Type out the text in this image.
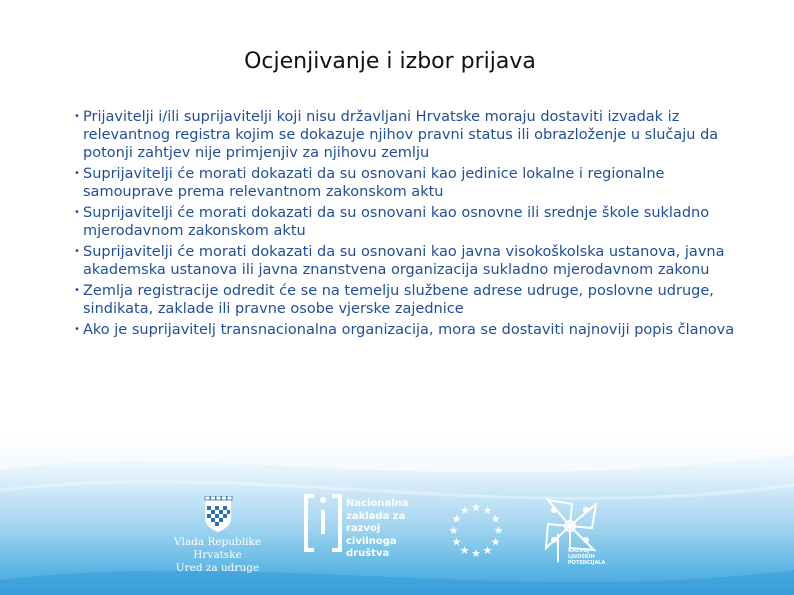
Ocjenjivanje i izbor prijava
• Prijavitelji i/ili suprijavitelji koji nisu državljani Hrvatske moraju dostaviti izvadak iz relevantnog registra kojim se dokazuje njihov pravni status ili obrazloženje u slučaju da potonji zahtjev nije primjenjiv za njihovu zemlju
• Suprijavitelji će morati dokazati da su osnovani kao jedinice lokalne i regionalne samouprave prema relevantnom zakonskom aktu
• Suprijavitelji će morati dokazati da su osnovani kao osnovne ili srednje škole sukladno mjerodavnom zakonskom aktu
• Suprijavitelji će morati dokazati da su osnovani kao javna visokoškolska ustanova, javna akademska ustanova ili javna znanstvena organizacija sukladno mjerodavnom zakonu
• Zemlja registracije odredit će se na temelju službene adrese udruge, poslovne udruge, sindikata, zaklade ili pravne osobe vjerske zajednice
• Ako je suprijavitelj transnacionalna organizacija, mora se dostaviti najnoviji popis članova
Vlada Republike Hrvatske
Ured za udruge
Nacionalna
zaklada za
razvoj
civilnoga
društva
★ ★
★
★
★
★
★
★
★
★
★
★
RAZVOJ
LJUDSKIH
POTENCIJALA
